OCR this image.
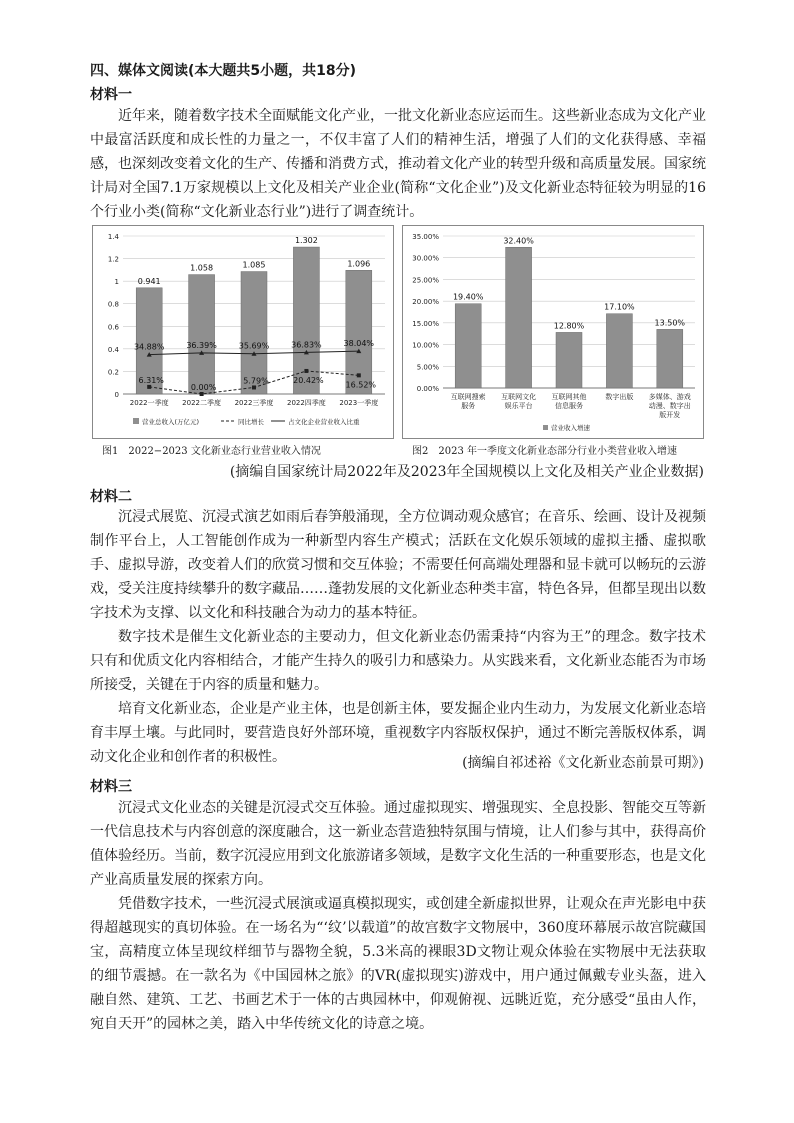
四、媒体文阅读(本大题共5小题，共18分)
材料一

近年来，随着数字技术全面赋能文化产业，一批文化新业态应运而生。这些新业态成为文化产业中最富活跃度和成长性的力量之一，不仅丰富了人们的精神生活，增强了人们的文化获得感、幸福感，也深刻改变着文化的生产、传播和消费方式，推动着文化产业的转型升级和高质量发展。国家统计局对全国7.1万家规模以上文化及相关产业企业(简称“文化企业”)及文化新业态特征较为明显的16个行业小类(简称“文化新业态行业”)进行了调查统计。

0
0.2
0.4
0.6
0.8
1
1.2
1.4
0.941
2022一季度
1.058
2022二季度
1.085
2022三季度
1.302
2022四季度
1.096
2023一季度
34.88%	36.39%	35.69%	36.83%	38.04%
6.31%
0.00%
5.79%	20.42%	16.52%
营业总收入(万亿元)	同比增长	占文化企业营业收入比重
图1　2022−2023 文化新业态行业营业收入情况
0.00%
5.00%
10.00%
15.00%
20.00%
25.00%
30.00%
35.00%
19.40%
互联网搜索
服务
32.40%
互联网文化
娱乐平台
12.80%
互联网其他
信息服务
17.10%
数字出版
13.50%
多媒体、游戏
动漫、数字出
版开发
营业收入增速
图2　2023 年一季度文化新业态部分行业小类营业收入增速
(摘编自国家统计局2022年及2023年全国规模以上文化及相关产业企业数据)
材料二

沉浸式展览、沉浸式演艺如雨后春笋般涌现，全方位调动观众感官；在音乐、绘画、设计及视频制作平台上，人工智能创作成为一种新型内容生产模式；活跃在文化娱乐领域的虚拟主播、虚拟歌手、虚拟导游，改变着人们的欣赏习惯和交互体验；不需要任何高端处理器和显卡就可以畅玩的云游戏，受关注度持续攀升的数字藏品……蓬勃发展的文化新业态种类丰富，特色各异，但都呈现出以数字技术为支撑、以文化和科技融合为动力的基本特征。

数字技术是催生文化新业态的主要动力，但文化新业态仍需秉持“内容为王”的理念。数字技术只有和优质文化内容相结合，才能产生持久的吸引力和感染力。从实践来看，文化新业态能否为市场所接受，关键在于内容的质量和魅力。

培育文化新业态，企业是产业主体，也是创新主体，要发掘企业内生动力，为发展文化新业态培育丰厚土壤。与此同时，要营造良好外部环境，重视数字内容版权保护，通过不断完善版权体系，调动文化企业和创作者的积极性。	(摘编自祁述裕《文化新业态前景可期》)
材料三

沉浸式文化业态的关键是沉浸式交互体验。通过虚拟现实、增强现实、全息投影、智能交互等新一代信息技术与内容创意的深度融合，这一新业态营造独特氛围与情境，让人们参与其中，获得高价值体验经历。当前，数字沉浸应用到文化旅游诸多领域，是数字文化生活的一种重要形态，也是文化产业高质量发展的探索方向。

凭借数字技术，一些沉浸式展演或逼真模拟现实，或创建全新虚拟世界，让观众在声光影电中获得超越现实的真切体验。在一场名为“‘纹’以载道”的故宫数字文物展中，360度环幕展示故宫院藏国宝，高精度立体呈现纹样细节与器物全貌，5.3米高的裸眼3D文物让观众体验在实物展中无法获取的细节震撼。在一款名为《中国园林之旅》的VR(虚拟现实)游戏中，用户通过佩戴专业头盔，进入融自然、建筑、工艺、书画艺术于一体的古典园林中，仰观俯视、远眺近览，充分感受“虽由人作，宛自天开”的园林之美，踏入中华传统文化的诗意之境。
